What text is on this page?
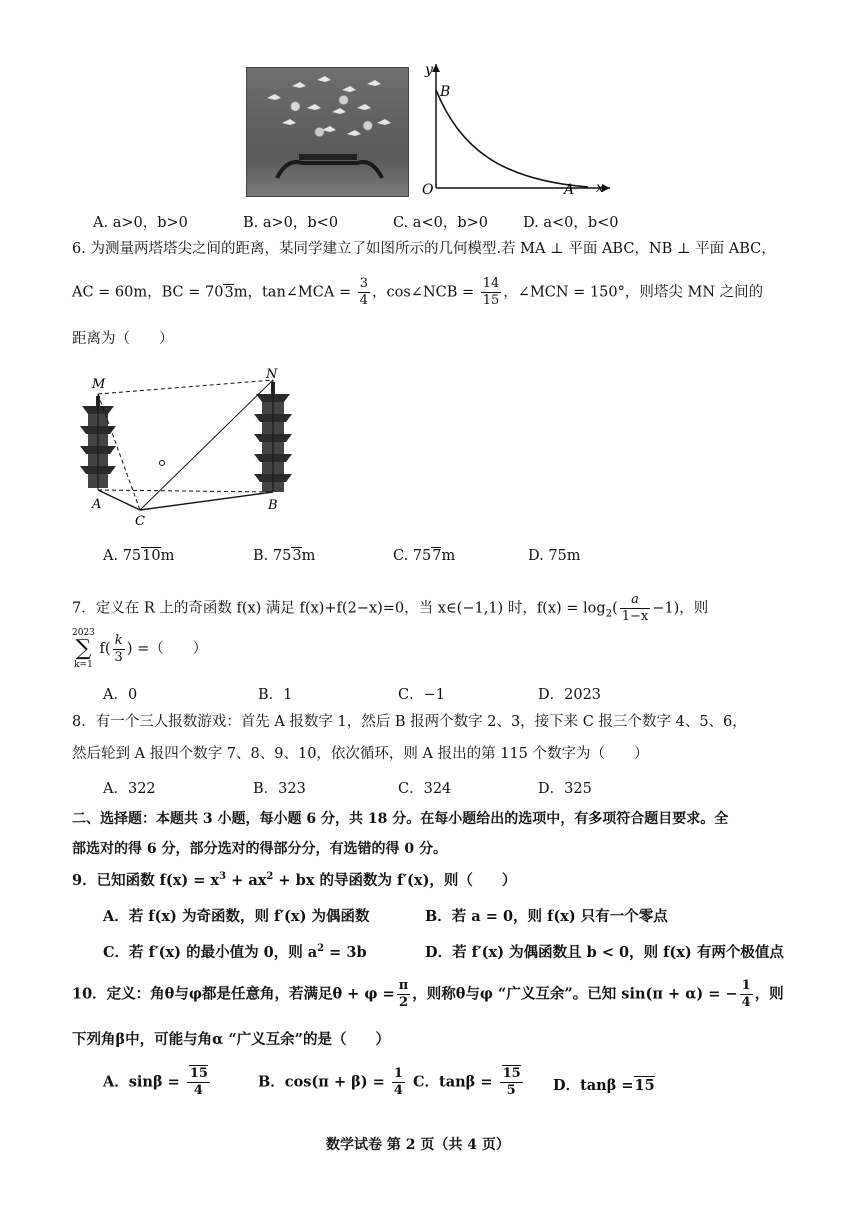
y
B
O	A x
A. a>0，b>0	B. a>0，b<0	C. a<0，b>0 D. a<0，b<0
6. 为测量两塔塔尖之间的距离，某同学建立了如图所示的几何模型.若 MA ⊥ 平面 ABC，NB ⊥ 平面 ABC，
AC = 60m，BC = 703m，tan∠MCA = $\frac{3}{4}$ ，cos∠NCB = $\frac{14}{15}$ ，∠MCN = 150°，则塔尖 MN 之间的
距离为（　　）
M
N
A
C
B
A. 7510m	B. 753m	C. 757m	D. 75m
7．定义在 R 上的奇函数 f(x) 满足 f(x)+f(2−x)=0，当 x∈(−1,1) 时，$f(x) = \log_2( \frac{a}{1-x} -1)$，则
2023
∑
k=1 $f( \frac{k}{3}$ ) =（　　）
A．0	B．1	C．−1	D．2023
8．有一个三人报数游戏：首先 A 报数字 1，然后 B 报两个数字 2、3，接下来 C 报三个数字 4、5、6，
然后轮到 A 报四个数字 7、8、9、10，依次循环，则 A 报出的第 115 个数字为（　　）
A．322	B．323	C．324	D．325
二、选择题：本题共 3 小题，每小题 6 分，共 18 分。在每小题给出的选项中，有多项符合题目要求。全
部选对的得 6 分，部分选对的得部分分，有选错的得 0 分。
9．已知函数 $f(x) = x^3 + ax^2$ + bx 的导函数为 f′(x)，则（　　）
A．若 f(x) 为奇函数，则 f′(x) 为偶函数	B．若 a = 0，则 f(x) 只有一个零点
C．若 f′(x) 的最小值为 0，则 $a^2 = 3b$	D．若 f′(x) 为偶函数且 b < 0，则 f(x) 有两个极值点
10．定义：角θ与φ都是任意角，若满足$\theta + \varphi = \frac{\pi}{2}$ ，则称θ与φ “广义互余”。已知 sin(π + α) = − $\frac{1}{4}$ ，则
下列角β中，可能与角α “广义互余”的是（　　）
A．$\sin\beta = \frac{15}{4}$	B．$\cos(\pi + \beta) = \frac{1}{4}$ C．$\tan\beta = \frac{15}{5}$ D．tanβ =15
数学试卷 第 2 页（共 4 页）
